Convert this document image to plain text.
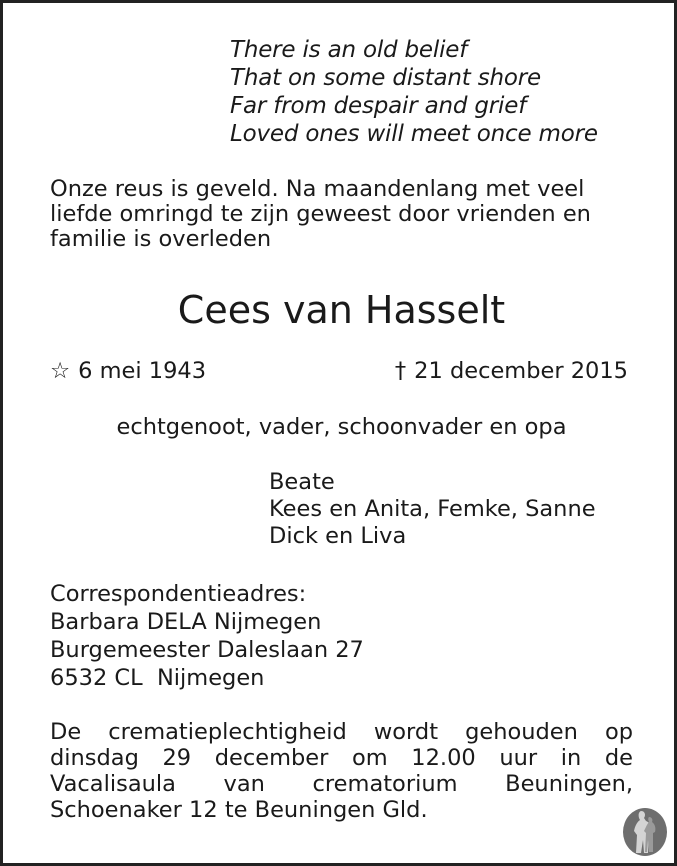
There is an old belief
That on some distant shore
Far from despair and grief
Loved ones will meet once more
Onze reus is geveld. Na maandenlang met veel
liefde omringd te zijn geweest door vrienden en
familie is overleden
Cees van Hasselt
☆ 6 mei 1943	† 21 december 2015
echtgenoot, vader, schoonvader en opa
Beate
Kees en Anita, Femke, Sanne
Dick en Liva
Correspondentieadres:
Barbara DELA Nijmegen
Burgemeester Daleslaan 27
6532 CL  Nijmegen
De crematieplechtigheid wordt gehouden op
dinsdag 29 december om 12.00 uur in de
Vacalisaula van crematorium Beuningen,
Schoenaker 12 te Beuningen Gld.
